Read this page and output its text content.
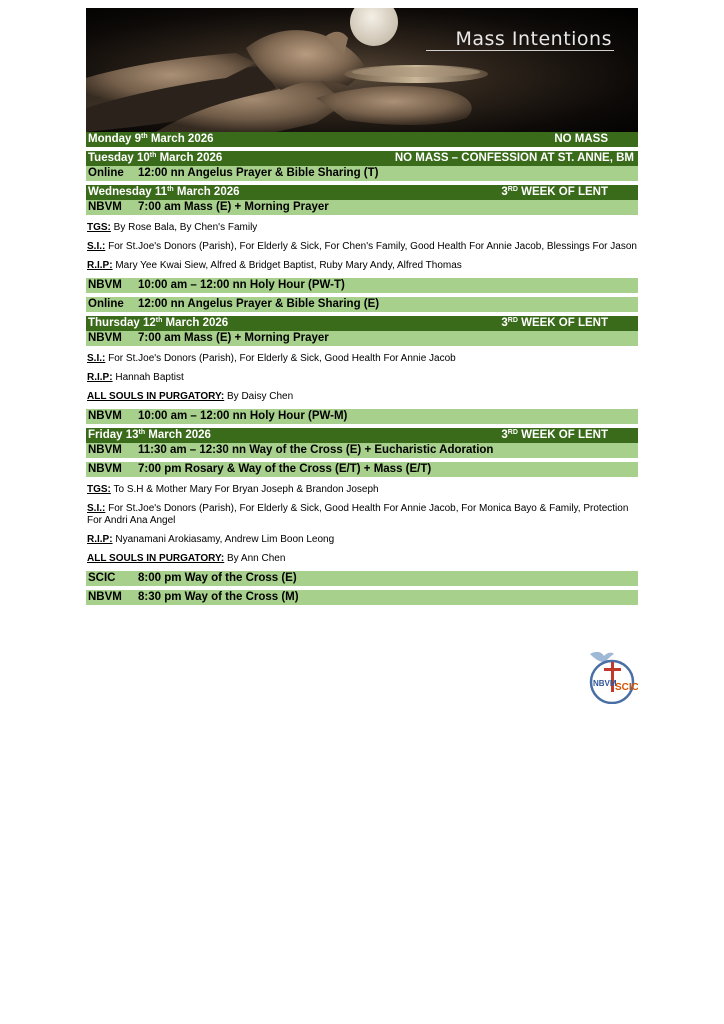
Mass Intentions
Monday 9th March 2026	NO MASS
Tuesday 10th March 2026	NO MASS – CONFESSION AT ST. ANNE, BM
Online	12:00 nn Angelus Prayer & Bible Sharing (T)
Wednesday 11th March 2026	3RD WEEK OF LENT
NBVM	7:00 am Mass (E) + Morning Prayer
TGS: By Rose Bala, By Chen's Family
S.I.: For St.Joe's Donors (Parish), For Elderly & Sick, For Chen's Family, Good Health For Annie Jacob, Blessings For Jason
R.I.P: Mary Yee Kwai Siew, Alfred & Bridget Baptist, Ruby Mary Andy, Alfred Thomas
NBVM	10:00 am – 12:00 nn Holy Hour (PW-T)
Online	12:00 nn Angelus Prayer & Bible Sharing (E)
Thursday 12th March 2026	3RD WEEK OF LENT
NBVM	7:00 am Mass (E) + Morning Prayer
S.I.: For St.Joe's Donors (Parish), For Elderly & Sick, Good Health For Annie Jacob
R.I.P: Hannah Baptist
ALL SOULS IN PURGATORY: By Daisy Chen
NBVM	10:00 am – 12:00 nn Holy Hour (PW-M)
Friday 13th March 2026	3RD WEEK OF LENT
NBVM	11:30 am – 12:30 nn Way of the Cross (E) + Eucharistic Adoration
NBVM	7:00 pm Rosary & Way of the Cross (E/T) + Mass (E/T)
TGS: To S.H & Mother Mary For Bryan Joseph & Brandon Joseph
S.I.: For St.Joe's Donors (Parish), For Elderly & Sick, Good Health For Annie Jacob, For Monica Bayo & Family, Protection For Andri Ana Angel
R.I.P: Nyanamani Arokiasamy, Andrew Lim Boon Leong
ALL SOULS IN PURGATORY: By Ann Chen
SCIC	8:00 pm Way of the Cross (E)
NBVM	8:30 pm Way of the Cross (M)
NBVM
SCIC
